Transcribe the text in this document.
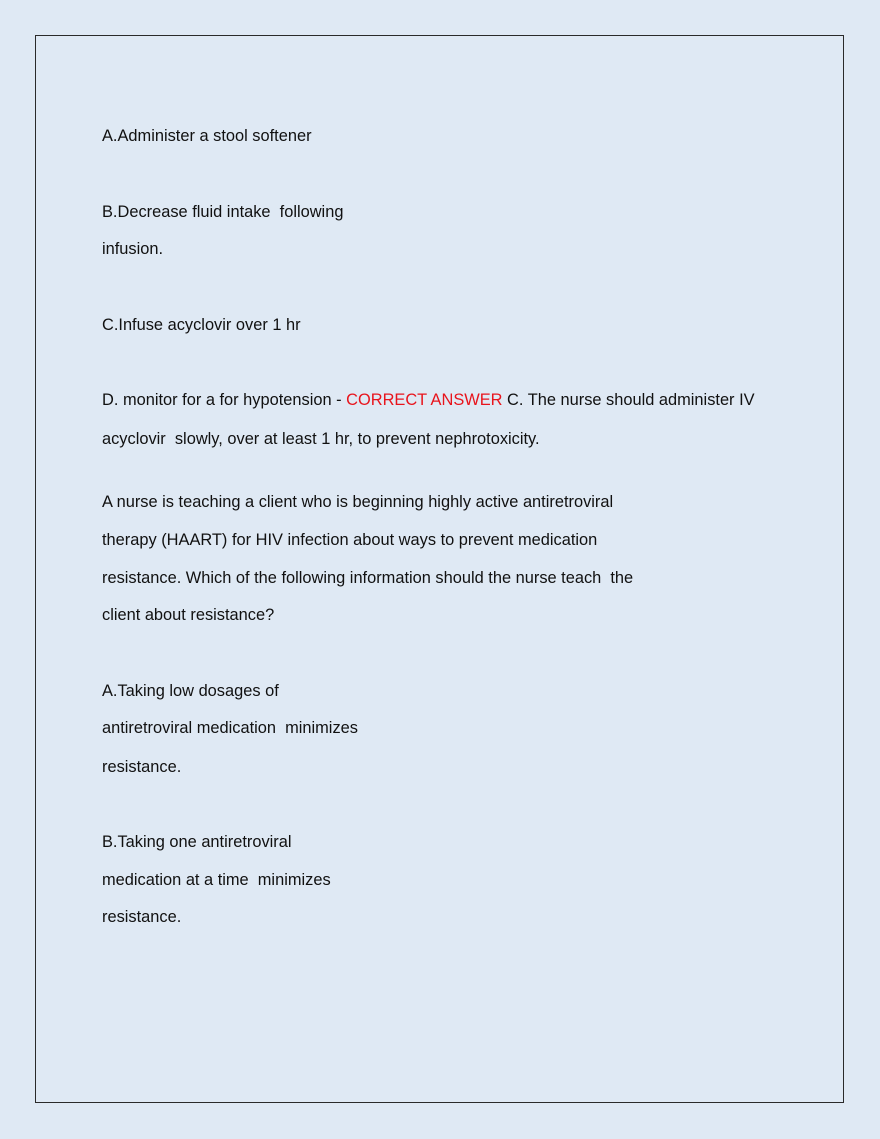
A.Administer a stool softener
B.Decrease fluid intake  following
infusion.
C.Infuse acyclovir over 1 hr
D. monitor for a for hypotension - CORRECT ANSWER C. The nurse should administer IV
acyclovir  slowly, over at least 1 hr, to prevent nephrotoxicity.
A nurse is teaching a client who is beginning highly active antiretroviral
therapy (HAART) for HIV infection about ways to prevent medication
resistance. Which of the following information should the nurse teach  the
client about resistance?
A.Taking low dosages of
antiretroviral medication  minimizes
resistance.
B.Taking one antiretroviral
medication at a time  minimizes
resistance.
